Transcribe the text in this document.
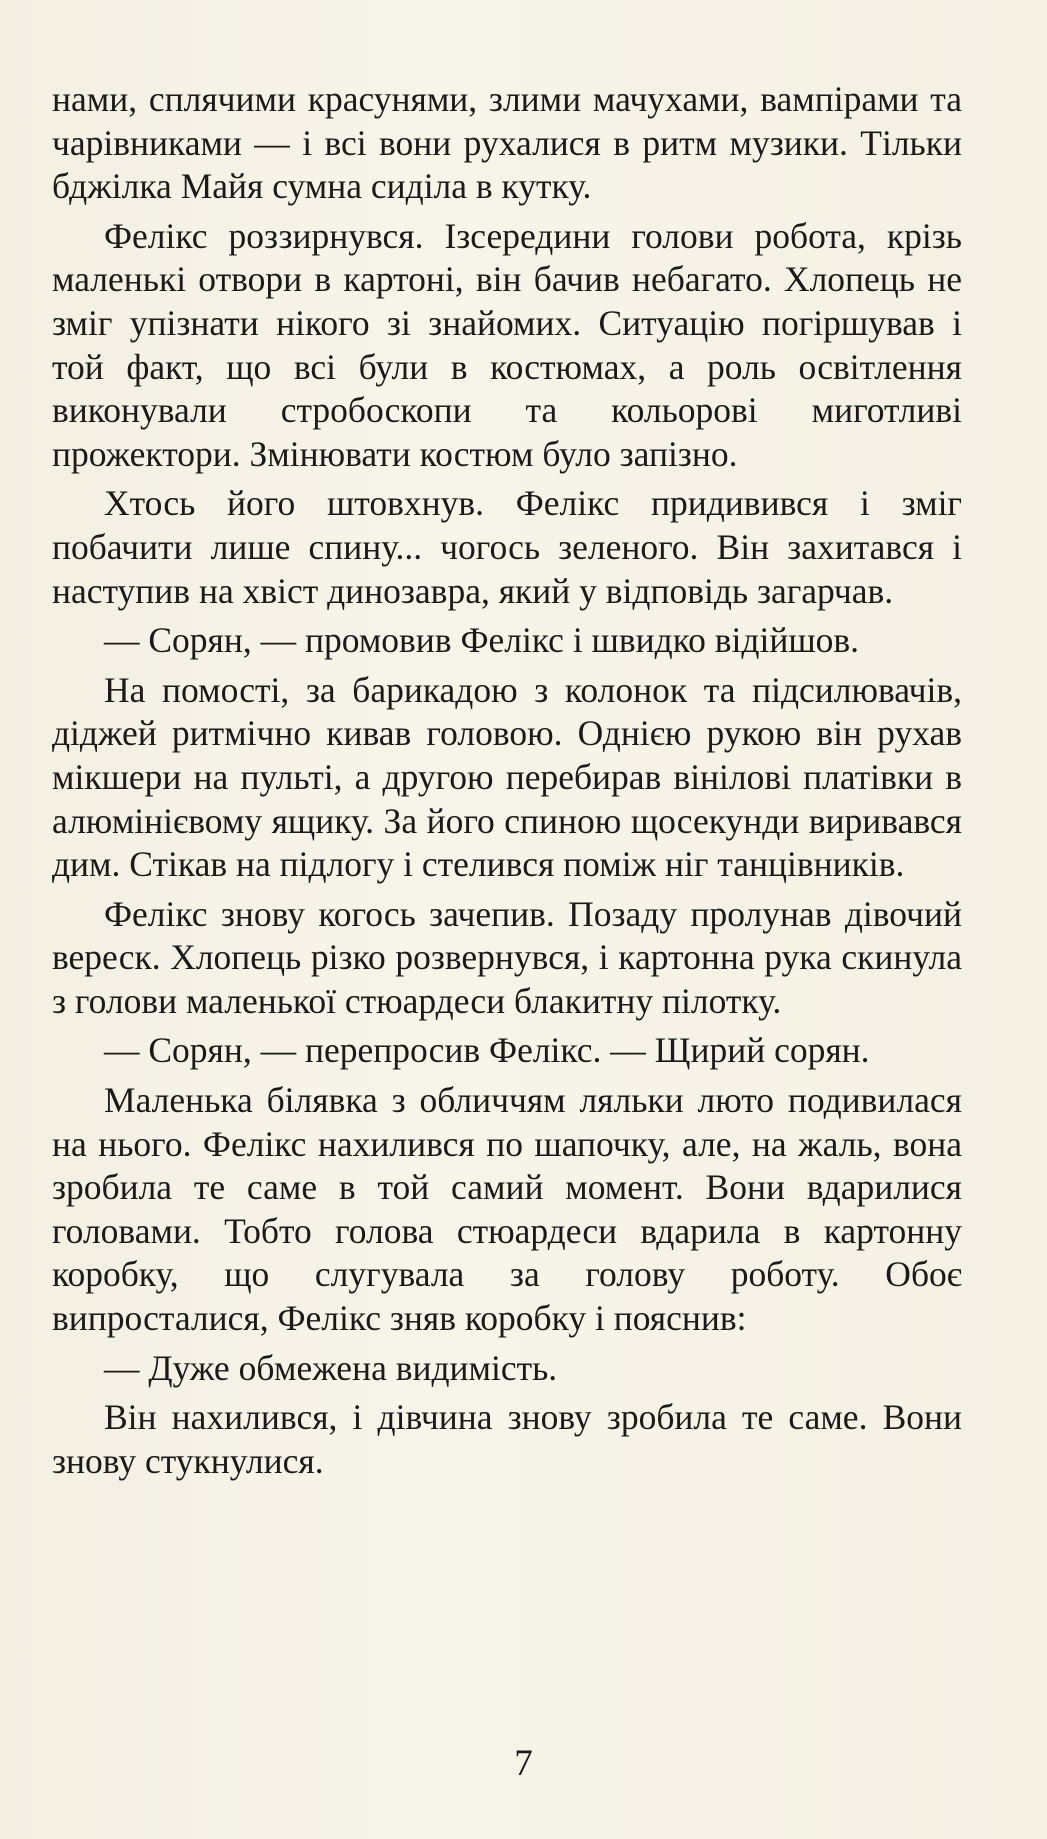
нами, сплячими красунями, злими мачухами, вампірами та чарівниками — і всі вони рухалися в ритм музики. Тільки бджілка Майя сумна сиділа в кутку.

Фелікс роззирнувся. Ізсередини голови робота, крізь маленькі отвори в картоні, він бачив небагато. Хлопець не зміг упізнати нікого зі знайомих. Ситуацію погіршував і той факт, що всі були в костюмах, а роль освітлення виконували стробоскопи та кольорові миготливі прожектори. Змінювати костюм було запізно.

Хтось його штовхнув. Фелікс придивився і зміг побачити лише спину... чогось зеленого. Він захитався і наступив на хвіст динозавра, який у відповідь загарчав.

— Сорян, — промовив Фелікс і швидко відійшов.

На помості, за барикадою з колонок та підсилювачів, діджей ритмічно кивав головою. Однією рукою він рухав мікшери на пульті, а другою перебирав вінілові платівки в алюмінієвому ящику. За його спиною щосекунди виривався дим. Стікав на підлогу і стелився поміж ніг танцівників.

Фелікс знову когось зачепив. Позаду пролунав дівочий вереск. Хлопець різко розвернувся, і картонна рука скинула з голови маленької стюардеси блакитну пілотку.

— Сорян, — перепросив Фелікс. — Щирий сорян.

Маленька білявка з обличчям ляльки люто подивилася на нього. Фелікс нахилився по шапочку, але, на жаль, вона зробила те саме в той самий момент. Вони вдарилися головами. Тобто голова стюардеси вдарила в картонну коробку, що слугувала за голову роботу. Обоє випросталися, Фелікс зняв коробку і пояснив:

— Дуже обмежена видимість.

Він нахилився, і дівчина знову зробила те саме. Вони знову стукнулися.

7
